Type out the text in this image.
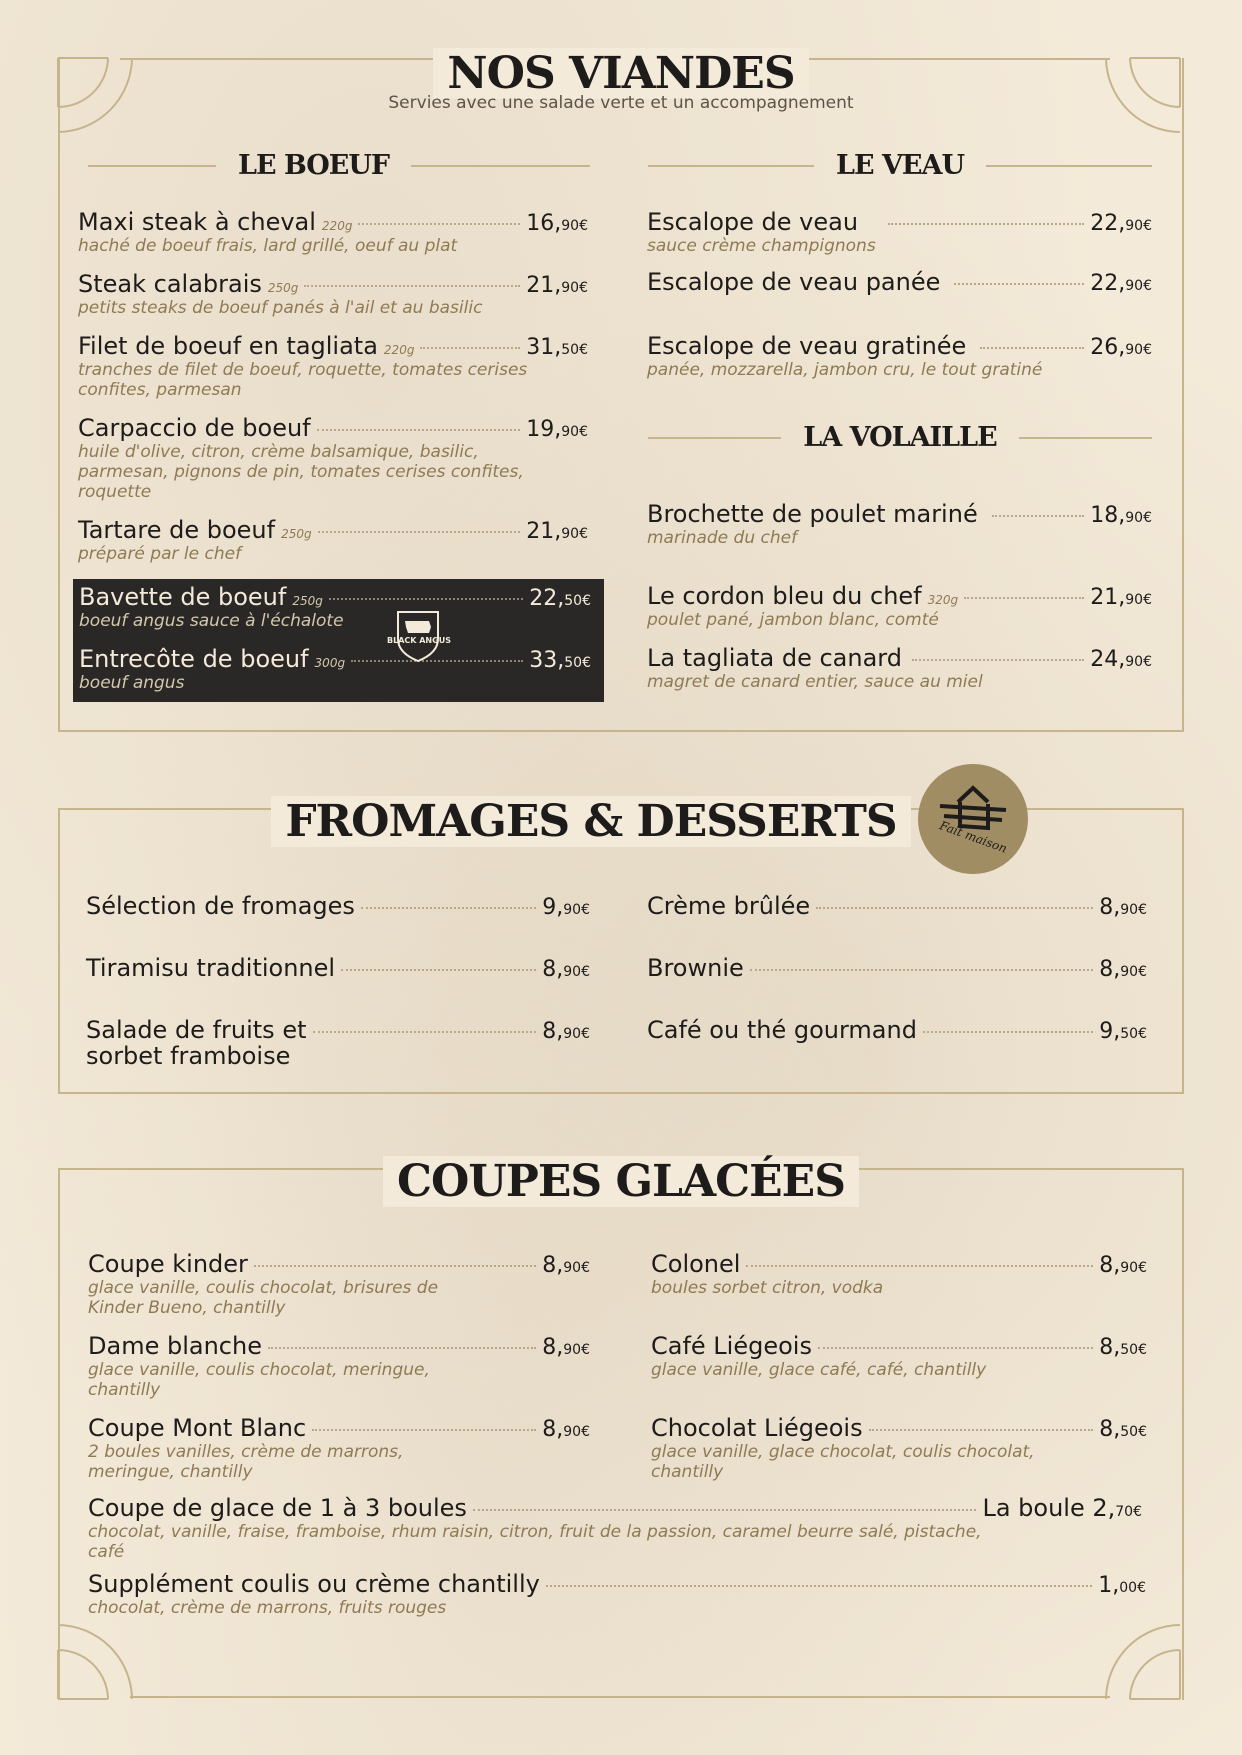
NOS VIANDES
Servies avec une salade verte et un accompagnement
LE BOEUF
Maxi steak à cheval 220g	16,90€
haché de boeuf frais, lard grillé, oeuf au plat
Steak calabrais 250g	21,90€
petits steaks de boeuf panés à l'ail et au basilic
Filet de boeuf en tagliata 220g	31,50€
tranches de filet de boeuf, roquette, tomates cerises confites, parmesan
Carpaccio de boeuf	19,90€
huile d'olive, citron, crème balsamique, basilic, parmesan, pignons de pin, tomates cerises confites, roquette
Tartare de boeuf 250g	21,90€
préparé par le chef
Bavette de boeuf 250g	22,50€
boeuf angus sauce à l'échalote
Entrecôte de boeuf 300g	33,50€
boeuf angus
BLACK ANGUS
LE VEAU
Escalope de veau	22,90€
sauce crème champignons
Escalope de veau panée	22,90€
Escalope de veau gratinée	26,90€
panée, mozzarella, jambon cru, le tout gratiné
LA VOLAILLE
Brochette de poulet mariné	18,90€
marinade du chef
Le cordon bleu du chef 320g	21,90€
poulet pané, jambon blanc, comté
La tagliata de canard	24,90€
magret de canard entier, sauce au miel
FROMAGES & DESSERTS	Fait maison
Sélection de fromages	9,90€
Tiramisu traditionnel	8,90€
Salade de fruits et	8,90€
sorbet framboise
Crème brûlée	8,90€
Brownie	8,90€
Café ou thé gourmand	9,50€
COUPES GLACÉES
Coupe kinder	8,90€
glace vanille, coulis chocolat, brisures de Kinder Bueno, chantilly
Dame blanche	8,90€
glace vanille, coulis chocolat, meringue, chantilly
Coupe Mont Blanc	8,90€
2 boules vanilles, crème de marrons, meringue, chantilly
Colonel	8,90€
boules sorbet citron, vodka
Café Liégeois	8,50€
glace vanille, glace café, café, chantilly
Chocolat Liégeois	8,50€
glace vanille, glace chocolat, coulis chocolat, chantilly
Coupe de glace de 1 à 3 boules	La boule 2,70€
chocolat, vanille, fraise, framboise, rhum raisin, citron, fruit de la passion, caramel beurre salé, pistache, café
Supplément coulis ou crème chantilly	1,00€
chocolat, crème de marrons, fruits rouges
